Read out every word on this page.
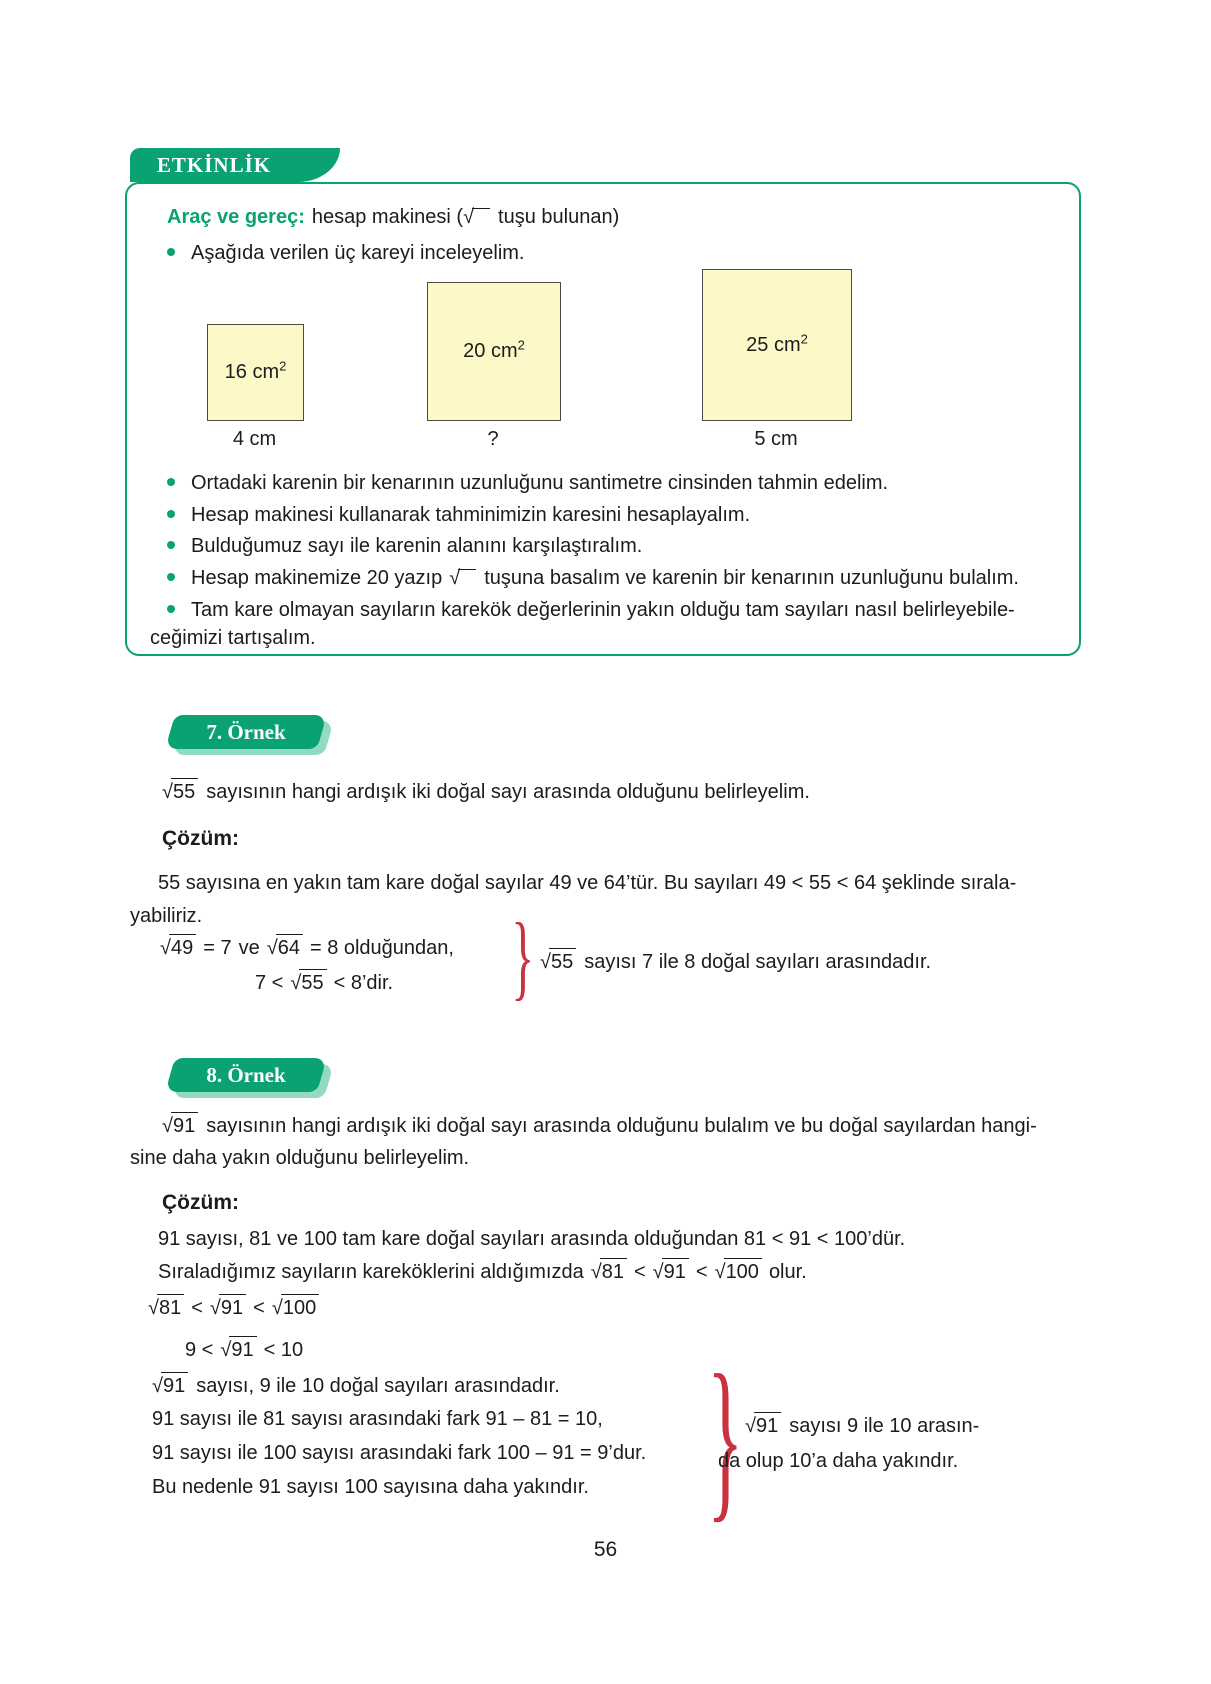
ETKİNLİK
Araç ve gereç: hesap makinesi (√ tuşu bulunan)
Aşağıda verilen üç kareyi inceleyelim.
16 $cm^2$
20 $cm^2$	25 $cm^2$
4 cm	?	5 cm
Ortadaki karenin bir kenarının uzunluğunu santimetre cinsinden tahmin edelim.
Hesap makinesi kullanarak tahminimizin karesini hesaplayalım.
Bulduğumuz sayı ile karenin alanını karşılaştıralım.
Hesap makinemize 20 yazıp √ tuşuna basalım ve karenin bir kenarının uzunluğunu bulalım.
Tam kare olmayan sayıların karekök değerlerinin yakın olduğu tam sayıları nasıl belirleyebile-
ceğimizi tartışalım.
7. Örnek
√55 sayısının hangi ardışık iki doğal sayı arasında olduğunu belirleyelim.
Çözüm:
55 sayısına en yakın tam kare doğal sayılar 49 ve 64’tür. Bu sayıları 49 < 55 < 64 şeklinde sırala-
yabiliriz.
√49 = 7 ve √64 = 8 olduğundan,
7 < √55 < 8’dir. } √55 sayısı 7 ile 8 doğal sayıları arasındadır.
8. Örnek
√91 sayısının hangi ardışık iki doğal sayı arasında olduğunu bulalım ve bu doğal sayılardan hangi-
sine daha yakın olduğunu belirleyelim.
Çözüm:
91 sayısı, 81 ve 100 tam kare doğal sayıları arasında olduğundan 81 < 91 < 100’dür.
Sıraladığımız sayıların kareköklerini aldığımızda √81 < √91 < √100 olur.
√81 < √91 < √100
9 < √91 < 10
√91 sayısı, 9 ile 10 doğal sayıları arasındadır.
91 sayısı ile 81 sayısı arasındaki fark 91 – 81 = 10,
91 sayısı ile 100 sayısı arasındaki fark 100 – 91 = 9’dur.
Bu nedenle 91 sayısı 100 sayısına daha yakındır. } √91 sayısı 9 ile 10 arasın-
da olup 10’a daha yakındır.
56
